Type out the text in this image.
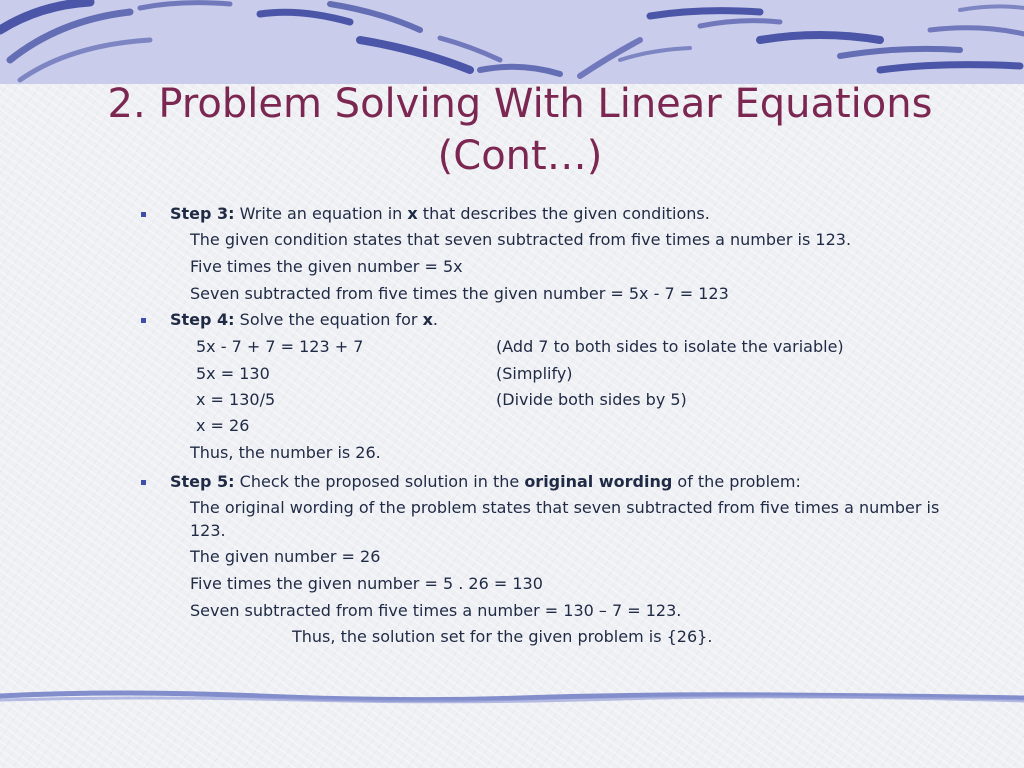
2. Problem Solving With Linear Equations
(Cont…)
Step 3: Write an equation in x that describes the given conditions.
The given condition states that seven subtracted from five times a number is 123.
Five times the given number = 5x
Seven subtracted from five times the given number = 5x - 7 = 123
Step 4: Solve the equation for x.
5x - 7 + 7 = 123 + 7	(Add 7 to both sides to isolate the variable)
5x = 130	(Simplify)
x = 130/5	(Divide both sides by 5)
x = 26
Thus, the number is 26.
Step 5: Check the proposed solution in the original wording of the problem:
The original wording of the problem states that seven subtracted from five times a number is
123.
The given number = 26
Five times the given number = 5 . 26 = 130
Seven subtracted from five times a number = 130 – 7 = 123.
Thus, the solution set for the given problem is {26}.
